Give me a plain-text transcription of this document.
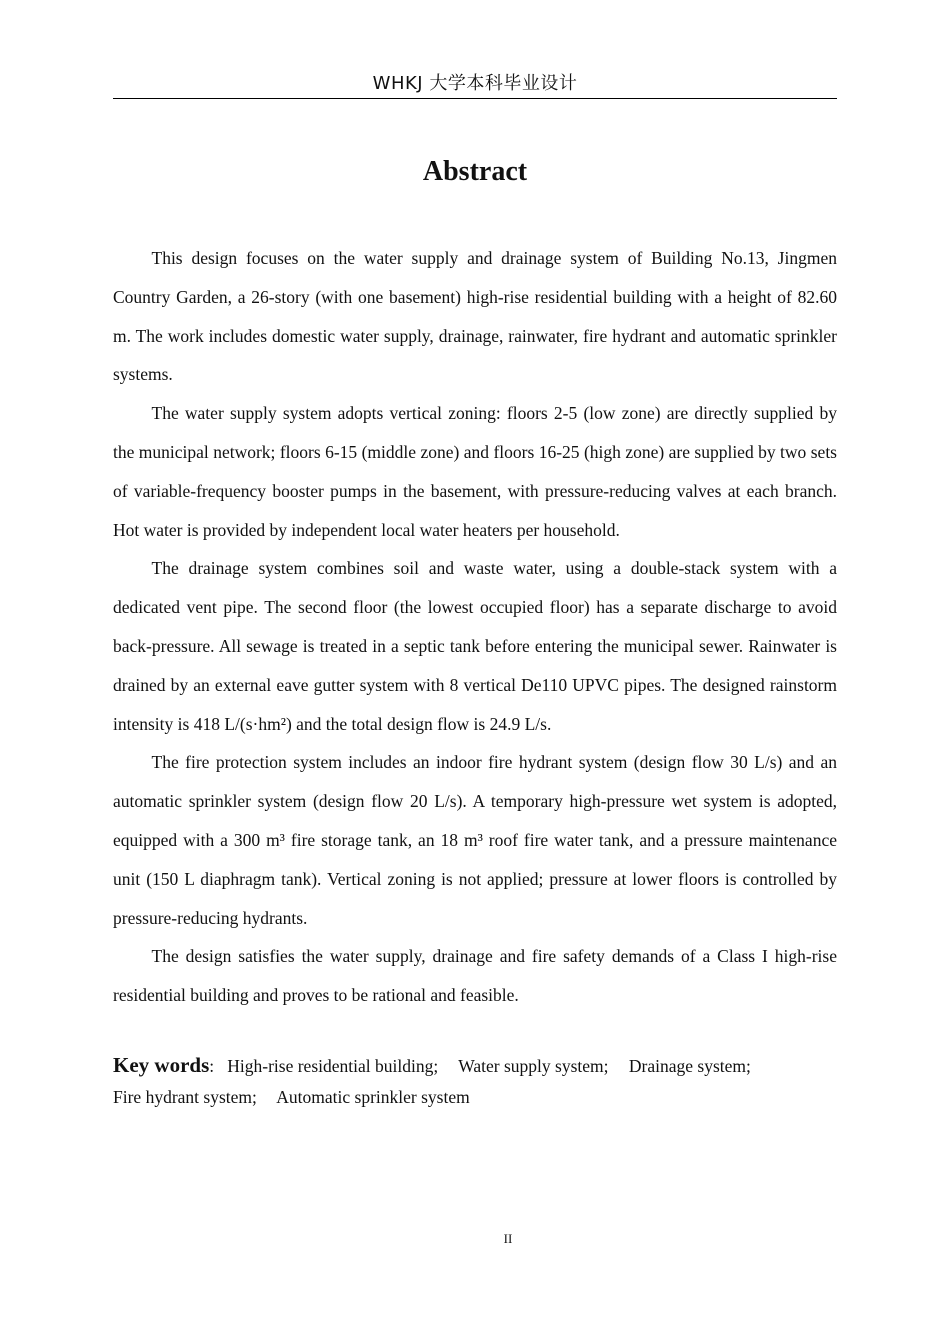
WHKJ 大学本科毕业设计
Abstract

This design focuses on the water supply and drainage system of Building No.13, Jingmen Country Garden, a 26-story (with one basement) high-rise residential building with a height of 82.60 m. The work includes domestic water supply, drainage, rainwater, fire hydrant and automatic sprinkler systems.

The water supply system adopts vertical zoning: floors 2-5 (low zone) are directly supplied by the municipal network; floors 6-15 (middle zone) and floors 16-25 (high zone) are supplied by two sets of variable-frequency booster pumps in the basement, with pressure-reducing valves at each branch. Hot water is provided by independent local water heaters per household.

The drainage system combines soil and waste water, using a double-stack system with a dedicated vent pipe. The second floor (the lowest occupied floor) has a separate discharge to avoid back-pressure. All sewage is treated in a septic tank before entering the municipal sewer. Rainwater is drained by an external eave gutter system with 8 vertical De110 UPVC pipes. The designed rainstorm intensity is 418 L/(s·hm²) and the total design flow is 24.9 L/s.

The fire protection system includes an indoor fire hydrant system (design flow 30 L/s) and an automatic sprinkler system (design flow 20 L/s). A temporary high-pressure wet system is adopted, equipped with a 300 m³ fire storage tank, an 18 m³ roof fire water tank, and a pressure maintenance unit (150 L diaphragm tank). Vertical zoning is not applied; pressure at lower floors is controlled by pressure-reducing hydrants.

The design satisfies the water supply, drainage and fire safety demands of a Class I high-rise residential building and proves to be rational and feasible.

Key words: High-rise residential building; Water supply system; Drainage system;
Fire hydrant system; Automatic sprinkler system
II
